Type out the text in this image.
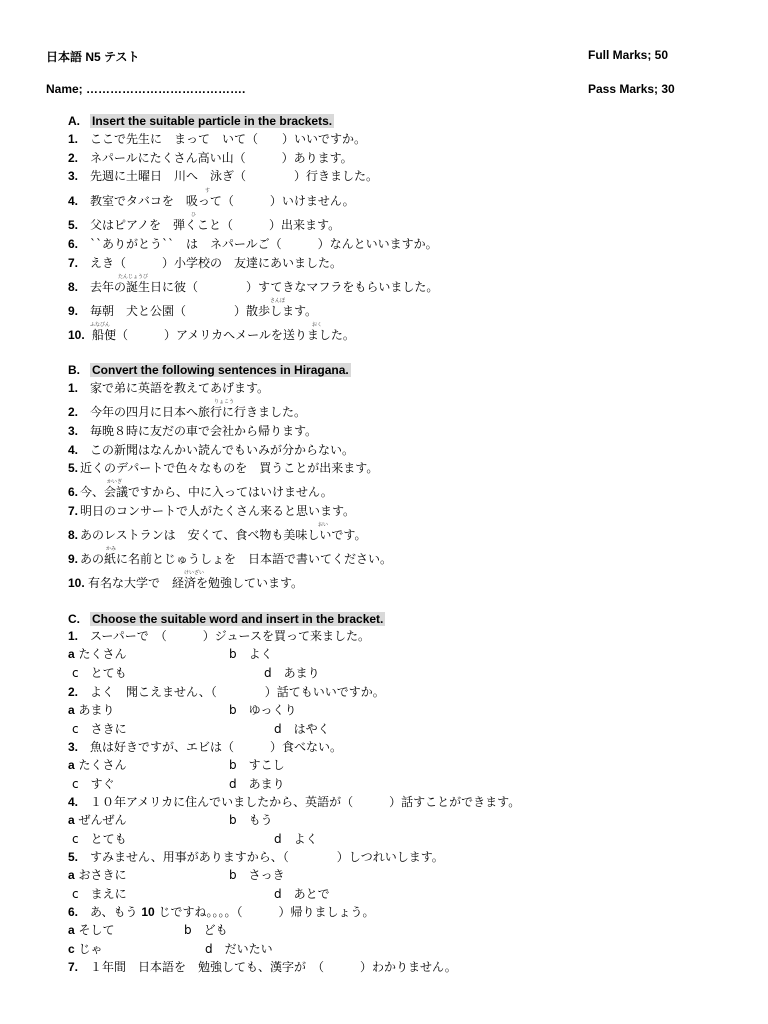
日本語 N5 テスト	Full Marks; 50
Name; ………………………………….	Pass Marks; 30
A. Insert the suitable particle in the brackets.
1. ここで先生に　まって　いて（　　）いいですか。
2. ネパールにたくさん高い山（　　　）あります。
3. 先週に土曜日　川へ　泳ぎ（　　　　）行きました。
4. 教室でタバコを　吸って（　　　）いけません。
5. 父はピアノを　弾くこと（　　　）出来ます。
6. ``ありがとう``　は　ネパールご（　　　）なんといいますか。
7. えき（　　　）小学校の　友達にあいました。
8. 去年の誕生日に彼（　　　　）すてきなマフラをもらいました。
9. 毎朝　犬と公園（　　　　）散歩します。
10. 船便（　　　）アメリカへメールを送りました。
す
ひ
たんじょうび
さんぽ
ふなびん	おく
B. Convert the following sentences in Hiragana.
1. 家で弟に英語を教えてあげます。
2. 今年の四月に日本へ旅行に行きました。
3. 毎晩８時に友だの車で会社から帰ります。
4. この新聞はなんかい読んでもいみが分からない。
5. 近くのデパートで色々なものを　買うことが出来ます。
6. 今、会議ですから、中に入ってはいけません。
7. 明日のコンサートで人がたくさん来ると思います。
8. あのレストランは　安くて、食べ物も美味しいです。
9. あの紙に名前とじゅうしょを　日本語で書いてください。
10. 有名な大学で　経済を勉強しています。
りょこう
かいぎ
おい
かみ
けいざい
C. Choose the suitable word and insert in the bracket.
1. スーパーで　（　　　）ジュースを買って来ました。
a たくさん	b　 よく
c　 とても	d　 あまり
2. よく　聞こえません、（　　　　）話てもいいですか。
a あまり	b　 ゆっくり
c　 さきに	d　 はやく
3. 魚は好きですが、エビは（　　　）食べない。
a たくさん	b　 すこし
c　 すぐ	d　 あまり
4. １０年アメリカに住んでいましたから、英語が（　　　）話すことができます。
a ぜんぜん	b　 もう
c　 とても	d　 よく
5. すみません、用事がありますから、（　　　　）しつれいします。
a おさきに	b　 さっき
c　 まえに	d　 あとで
6. あ、もう 10 じですね。。。。（　　　）帰りましょう。
a そして	b　 ども
c じゃ	d　 だいたい
7. １年間　日本語を　勉強しても、漢字が　（　　　）わかりません。
